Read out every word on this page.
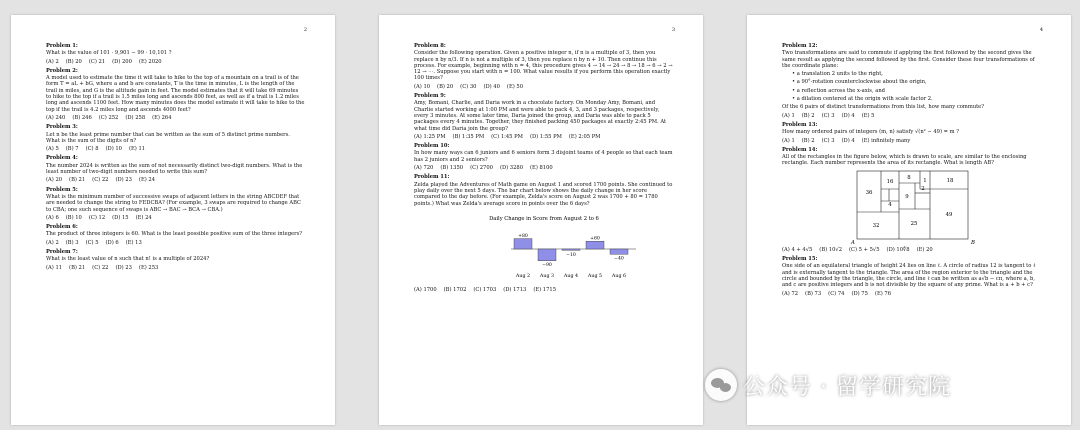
2
Problem 1:
What is the value of 101 · 9,901 − 99 · 10,101 ?
(A) 2 (B) 20 (C) 21 (D) 200 (E) 2020
Problem 2:
A model used to estimate the time it will take to hike to the top of a mountain on a trail is of the form T = aL + bG, where a and b are constants, T is the time in minutes, L is the length of the trail in miles, and G is the altitude gain in feet. The model estimates that it will take 69 minutes to hike to the top if a trail is 1.5 miles long and ascends 800 feet, as well as if a trail is 1.2 miles long and ascends 1100 feet. How many minutes does the model estimate it will take to hike to the top if the trail is 4.2 miles long and ascends 4000 feet?
(A) 240 (B) 246 (C) 252 (D) 258 (E) 264
Problem 3:
Let n be the least prime number that can be written as the sum of 5 distinct prime numbers. What is the sum of the digits of n?
(A) 5 (B) 7 (C) 8 (D) 10 (E) 11
Problem 4:
The number 2024 is written as the sum of not necessarily distinct two-digit numbers. What is the least number of two-digit numbers needed to write this sum?
(A) 20 (B) 21 (C) 22 (D) 23 (E) 24
Problem 5:
What is the minimum number of successive swaps of adjacent letters in the string ABCDEF that are needed to change the string to FEDCBA? (For example, 3 swaps are required to change ABC to CBA; one such sequence of swaps is ABC → BAC → BCA → CBA.)
(A) 6 (B) 10 (C) 12 (D) 15 (E) 24
Problem 6:
The product of three integers is 60. What is the least possible positive sum of the three integers?
(A) 2 (B) 3 (C) 5 (D) 6 (E) 13
Problem 7:
What is the least value of n such that n! is a multiple of 2024?
(A) 11 (B) 21 (C) 22 (D) 23 (E) 253
3
Problem 8:
Consider the following operation. Given a positive integer n, if n is a multiple of 3, then you replace n by n/3. If n is not a multiple of 3, then you replace n by n + 10. Then continue this process. For example, beginning with n = 4, this procedure gives 4 → 14 → 24 → 8 → 18 → 6 → 2 → 12 → ⋯. Suppose you start with n = 100. What value results if you perform this operation exactly 100 times?
(A) 10 (B) 20 (C) 30 (D) 40 (E) 50
Problem 9:
Amy, Bomani, Charlie, and Daria work in a chocolate factory. On Monday Amy, Bomani, and Charlie started working at 1:00 PM and were able to pack 4, 3, and 3 packages, respectively, every 3 minutes. At some later time, Daria joined the group, and Daria was able to pack 5 packages every 4 minutes. Together, they finished packing 450 packages at exactly 2:45 PM. At what time did Daria join the group?
(A) 1:25 PM (B) 1:35 PM (C) 1:45 PM (D) 1:55 PM (E) 2:05 PM
Problem 10:
In how many ways can 6 juniors and 6 seniors form 3 disjoint teams of 4 people so that each team has 2 juniors and 2 seniors?
(A) 720 (B) 1350 (C) 2700 (D) 3280 (E) 8100
Problem 11:
Zelda played the Adventures of Math game on August 1 and scored 1700 points. She continued to play daily over the next 5 days. The bar chart below shows the daily change in her score compared to the day before. (For example, Zelda's score on August 2 was 1700 + 80 = 1780 points.) What was Zelda's average score in points over the 6 days?
Daily Change in Score from August 2 to 6
+80
Aug 2
−90
Aug 3
−10
Aug 4
+60
Aug 5
−40
Aug 6
(A) 1700 (B) 1702 (C) 1703 (D) 1713 (E) 1715
4
Problem 12:
Two transformations are said to commute if applying the first followed by the second gives the same result as applying the second followed by the first. Consider these four transformations of the coordinate plane:
• a translation 2 units to the right,
• a 90°-rotation counterclockwise about the origin,
• a reflection across the x-axis, and
• a dilation centered at the origin with scale factor 2.
Of the 6 pairs of distinct transformations from this list, how many commute?
(A) 1 (B) 2 (C) 3 (D) 4 (E) 5
Problem 13:
How many ordered pairs of integers (m, n) satisfy √(n² − 49) = m ?
(A) 1 (B) 2 (C) 3 (D) 4 (E) infinitely many
Problem 14:
All of the rectangles in the figure below, which is drawn to scale, are similar to the enclosing rectangle. Each number represents the area of its rectangle. What is length AB?
36
16
8	18
1
2
9
4
32	25
49
A	B
(A) 4 + 4√5 (B) 10√2 (C) 5 + 5√5 (D) 10∜8 (E) 20
Problem 15:
One side of an equilateral triangle of height 24 lies on line ℓ. A circle of radius 12 is tangent to ℓ and is externally tangent to the triangle. The area of the region exterior to the triangle and the circle and bounded by the triangle, the circle, and line ℓ can be written as a√b − cπ, where a, b, and c are positive integers and b is not divisible by the square of any prime. What is a + b + c?
(A) 72 (B) 73 (C) 74 (D) 75 (E) 76
公众号 · 留学研究院
